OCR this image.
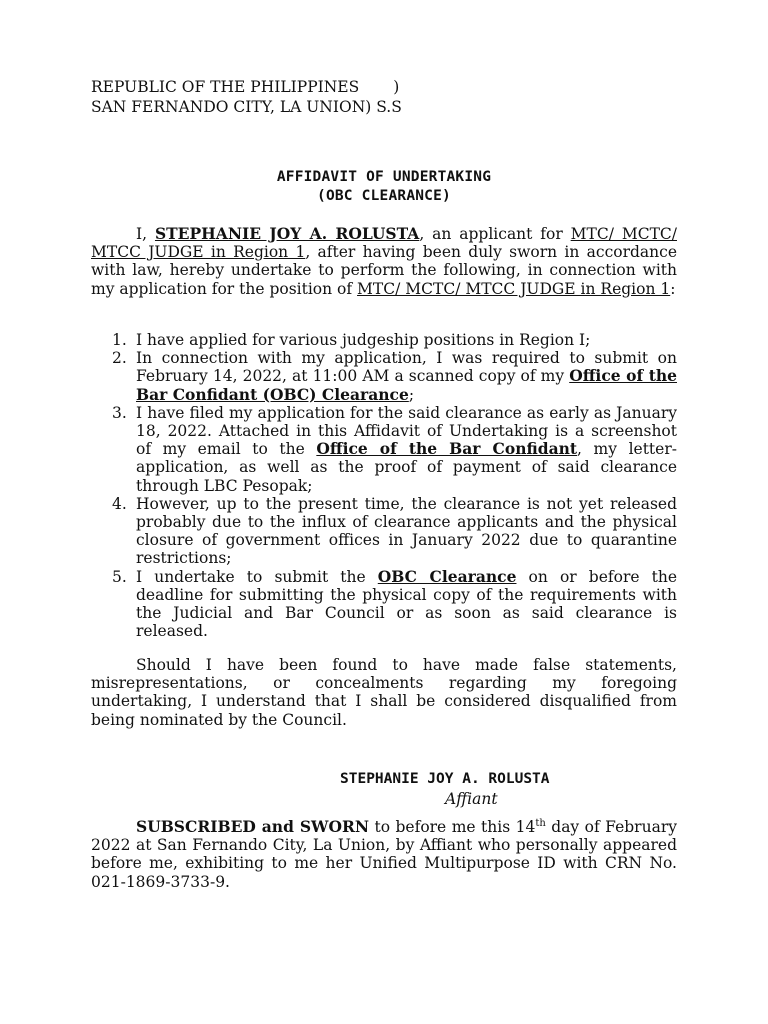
REPUBLIC OF THE PHILIPPINES )
SAN FERNANDO CITY, LA UNION) S.S
AFFIDAVIT OF UNDERTAKING
(OBC CLEARANCE)
I, STEPHANIE JOY A. ROLUSTA, an applicant for MTC/ MCTC/ MTCC JUDGE in Region 1, after having been duly sworn in accordance with law, hereby undertake to perform the following, in connection with my application for the position of MTC/ MCTC/ MTCC JUDGE in Region 1:
1. I have applied for various judgeship positions in Region I;
2. In connection with my application, I was required to submit on February 14, 2022, at 11:00 AM a scanned copy of my Office of the Bar Confidant (OBC) Clearance;
3. I have filed my application for the said clearance as early as January 18, 2022. Attached in this Affidavit of Undertaking is a screenshot of my email to the Office of the Bar Confidant, my letter-application, as well as the proof of payment of said clearance through LBC Pesopak;
4. However, up to the present time, the clearance is not yet released probably due to the influx of clearance applicants and the physical closure of government offices in January 2022 due to quarantine restrictions;
5. I undertake to submit the OBC Clearance on or before the deadline for submitting the physical copy of the requirements with the Judicial and Bar Council or as soon as said clearance is released.
Should I have been found to have made false statements, misrepresentations, or concealments regarding my foregoing undertaking, I understand that I shall be considered disqualified from being nominated by the Council.
STEPHANIE JOY A. ROLUSTA
Affiant
SUBSCRIBED and SWORN to before me this 14th day of February 2022 at San Fernando City, La Union, by Affiant who personally appeared before me, exhibiting to me her Unified Multipurpose ID with CRN No. 021-1869-3733-9.
